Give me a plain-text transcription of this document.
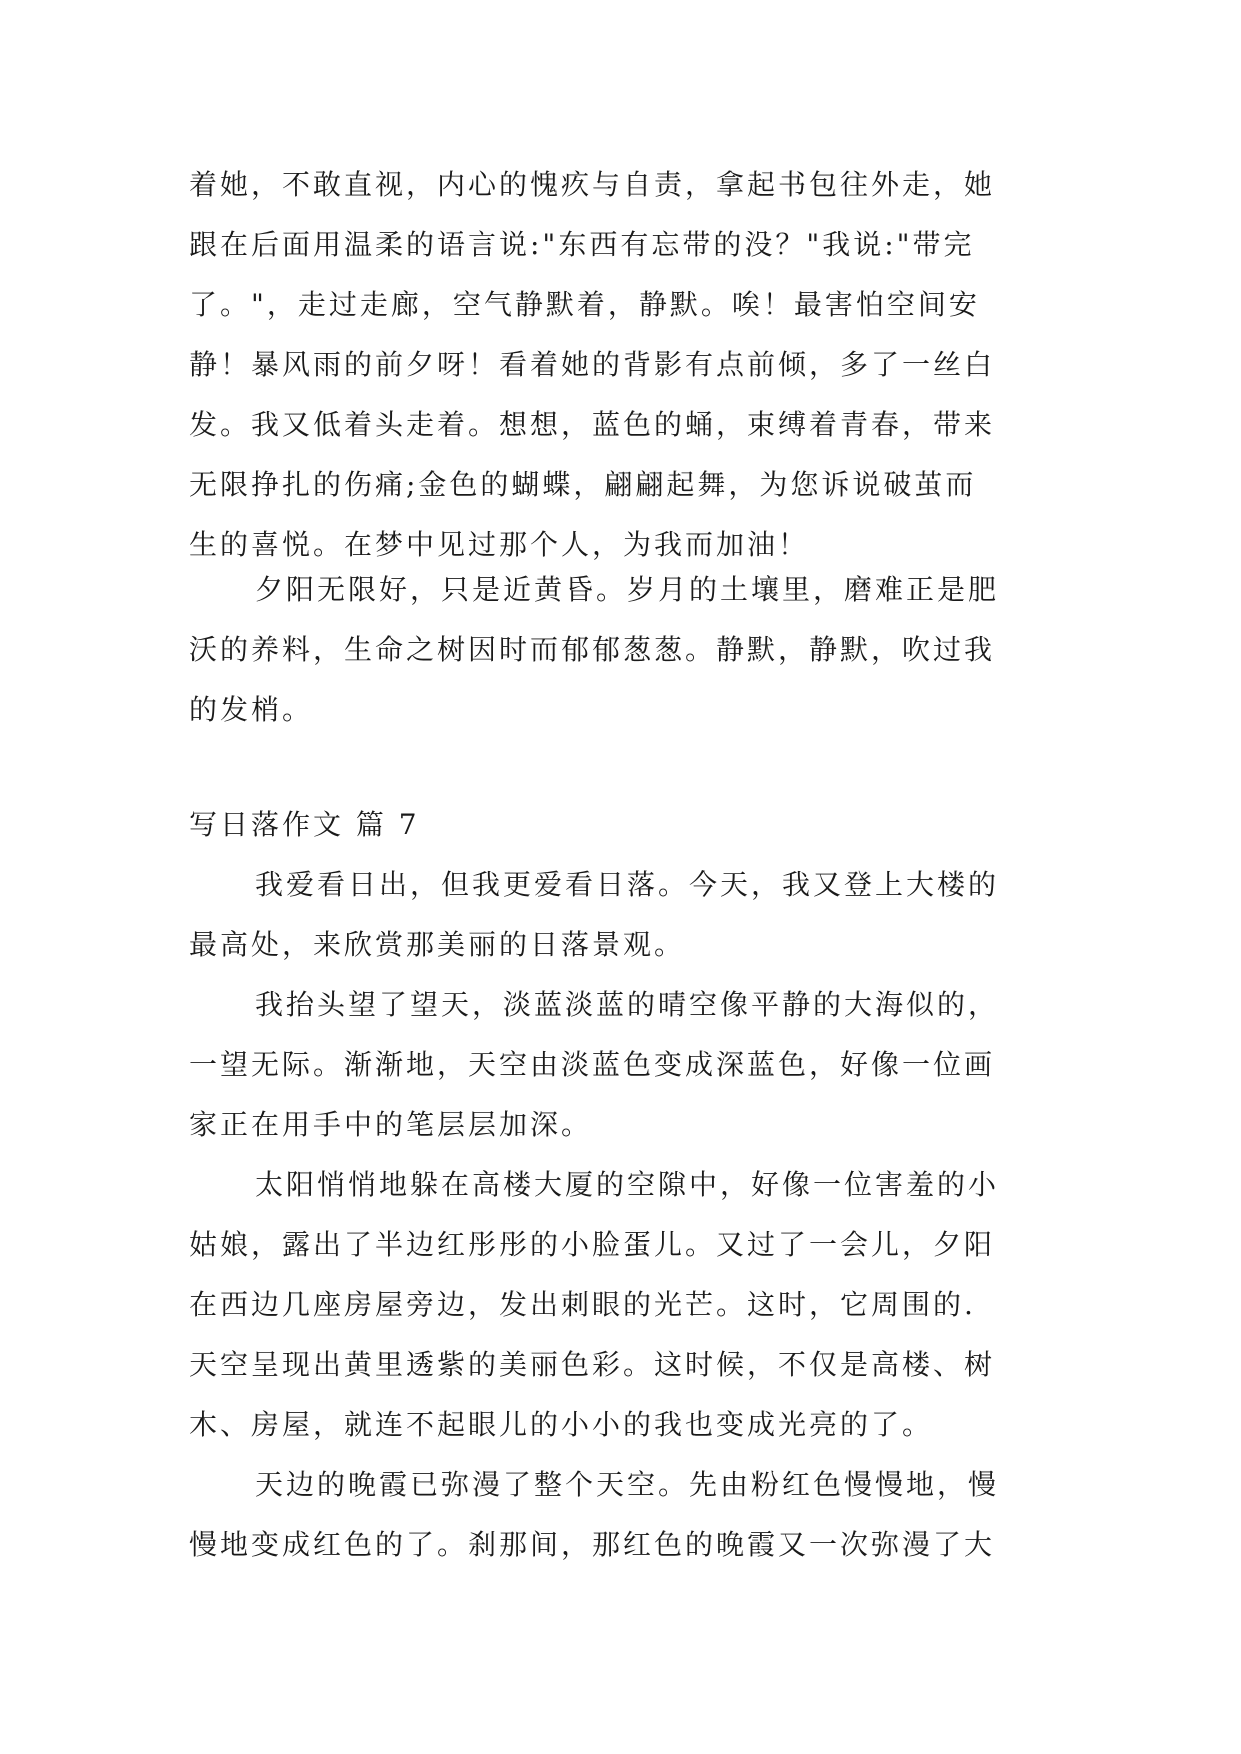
着她，不敢直视，内心的愧疚与自责，拿起书包往外走，她
跟在后面用温柔的语言说:"东西有忘带的没？"我说:"带完
了。"，走过走廊，空气静默着，静默。唉！最害怕空间安
静！暴风雨的前夕呀！看着她的背影有点前倾，多了一丝白
发。我又低着头走着。想想，蓝色的蛹，束缚着青春，带来
无限挣扎的伤痛;金色的蝴蝶，翩翩起舞，为您诉说破茧而
生的喜悦。在梦中见过那个人，为我而加油！
夕阳无限好，只是近黄昏。岁月的土壤里，磨难正是肥
沃的养料，生命之树因时而郁郁葱葱。静默，静默，吹过我
的发梢。
写日落作文 篇 7
我爱看日出，但我更爱看日落。今天，我又登上大楼的
最高处，来欣赏那美丽的日落景观。
我抬头望了望天，淡蓝淡蓝的晴空像平静的大海似的，
一望无际。渐渐地，天空由淡蓝色变成深蓝色，好像一位画
家正在用手中的笔层层加深。
太阳悄悄地躲在高楼大厦的空隙中，好像一位害羞的小
姑娘，露出了半边红彤彤的小脸蛋儿。又过了一会儿，夕阳
在西边几座房屋旁边，发出刺眼的光芒。这时，它周围的.
天空呈现出黄里透紫的美丽色彩。这时候，不仅是高楼、树
木、房屋，就连不起眼儿的小小的我也变成光亮的了。
天边的晚霞已弥漫了整个天空。先由粉红色慢慢地，慢
慢地变成红色的了。刹那间，那红色的晚霞又一次弥漫了大
